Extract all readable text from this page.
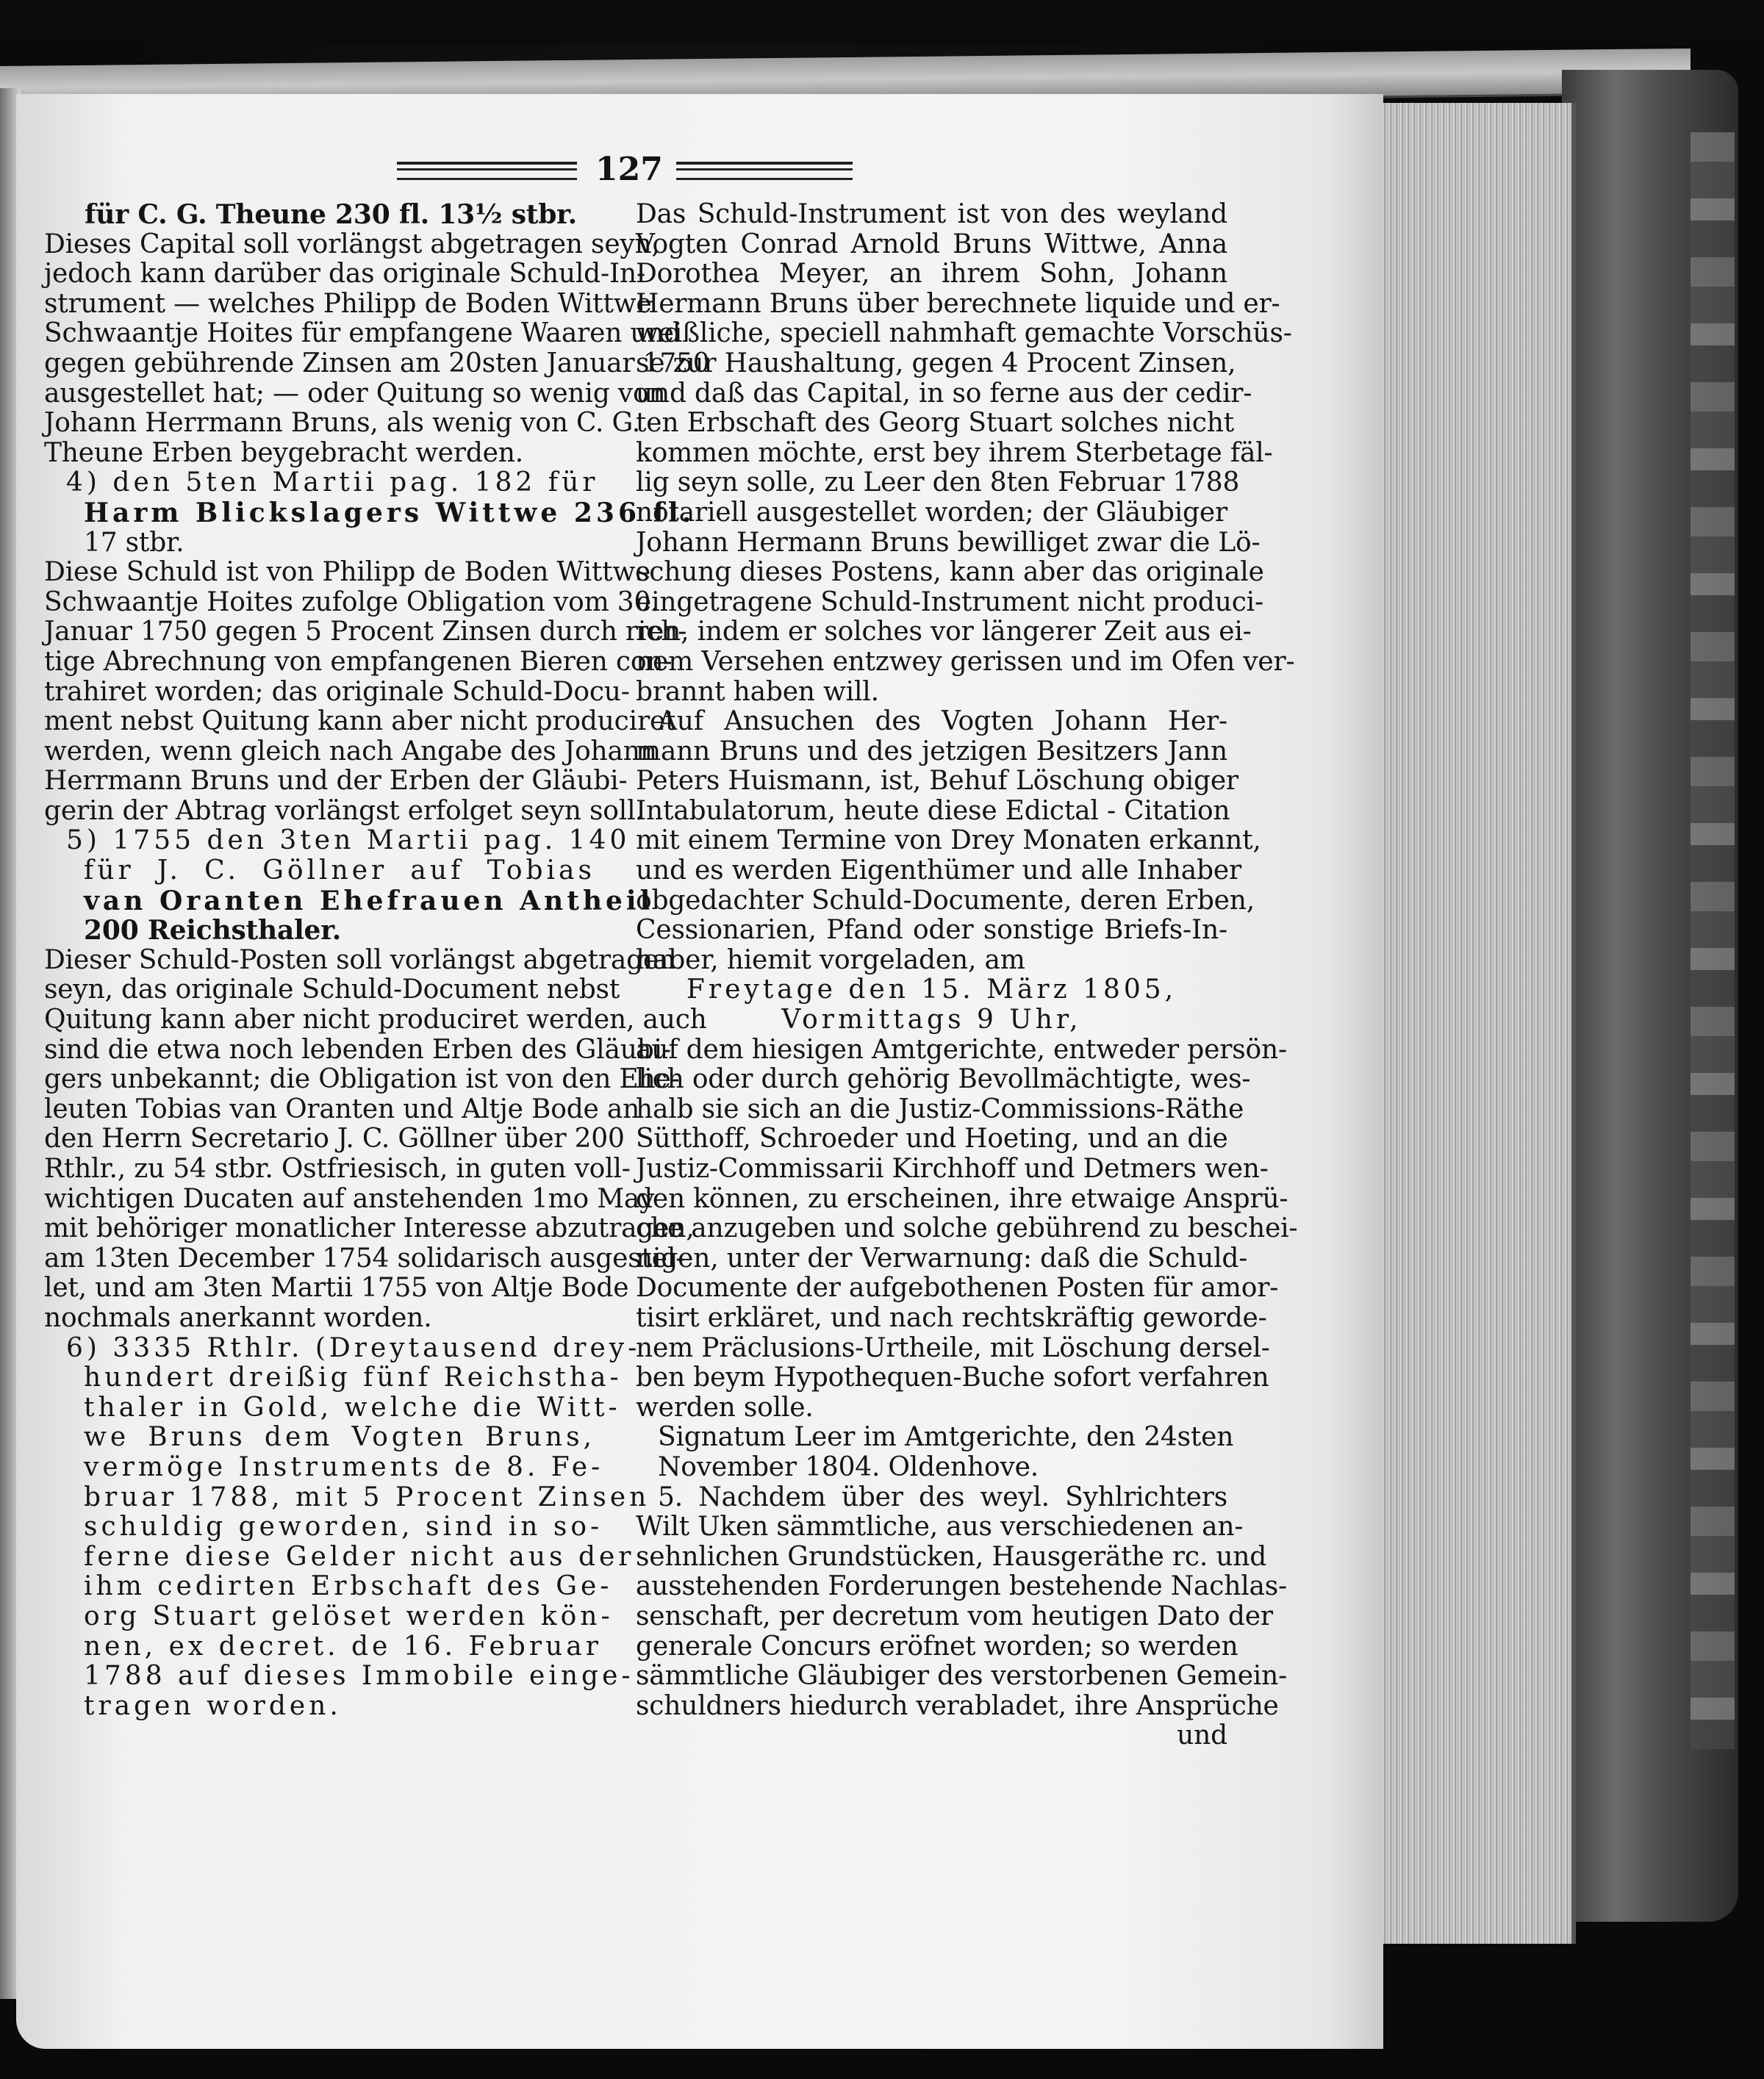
127
für C. G. Theune 230 fl. 13½ stbr.
Dieses Capital soll vorlängst abgetragen seyn,
jedoch kann darüber das originale Schuld-In-
strument — welches Philipp de Boden Wittwe
Schwaantje Hoites für empfangene Waaren und
gegen gebührende Zinsen am 20sten Januar 1750
ausgestellet hat; — oder Quitung so wenig von
Johann Herrmann Bruns, als wenig von C. G.
Theune Erben beygebracht werden.
4) den 5ten Martii pag. 182 für
Harm Blickslagers Wittwe 236 fl.
17 stbr.
Diese Schuld ist von Philipp de Boden Wittwe
Schwaantje Hoites zufolge Obligation vom 30.
Januar 1750 gegen 5 Procent Zinsen durch rich-
tige Abrechnung von empfangenen Bieren con-
trahiret worden; das originale Schuld-Docu-
ment nebst Quitung kann aber nicht produciret
werden, wenn gleich nach Angabe des Johann
Herrmann Bruns und der Erben der Gläubi-
gerin der Abtrag vorlängst erfolget seyn soll.
5) 1755 den 3ten Martii pag. 140
für J. C. Göllner auf Tobias
van Oranten Ehefrauen Antheil
200 Reichsthaler.
Dieser Schuld-Posten soll vorlängst abgetragen
seyn, das originale Schuld-Document nebst
Quitung kann aber nicht produciret werden, auch
sind die etwa noch lebenden Erben des Gläubi-
gers unbekannt; die Obligation ist von den Ehe-
leuten Tobias van Oranten und Altje Bode an
den Herrn Secretario J. C. Göllner über 200
Rthlr., zu 54 stbr. Ostfriesisch, in guten voll-
wichtigen Ducaten auf anstehenden 1mo May
mit behöriger monatlicher Interesse abzutragen,
am 13ten December 1754 solidarisch ausgestel-
let, und am 3ten Martii 1755 von Altje Bode
nochmals anerkannt worden.
6) 3335 Rthlr. (Dreytausend drey-
hundert dreißig fünf Reichstha-
thaler in Gold, welche die Witt-
we Bruns dem Vogten Bruns,
vermöge Instruments de 8. Fe-
bruar 1788, mit 5 Procent Zinsen
schuldig geworden, sind in so-
ferne diese Gelder nicht aus der
ihm cedirten Erbschaft des Ge-
org Stuart gelöset werden kön-
nen, ex decret. de 16. Februar
1788 auf dieses Immobile einge-
tragen worden.
Das Schuld-Instrument ist von des weyland
Vogten Conrad Arnold Bruns Wittwe, Anna
Dorothea Meyer, an ihrem Sohn, Johann
Hermann Bruns über berechnete liquide und er-
weißliche, speciell nahmhaft gemachte Vorschüs-
se zur Haushaltung, gegen 4 Procent Zinsen,
und daß das Capital, in so ferne aus der cedir-
ten Erbschaft des Georg Stuart solches nicht
kommen möchte, erst bey ihrem Sterbetage fäl-
lig seyn solle, zu Leer den 8ten Februar 1788
notariell ausgestellet worden; der Gläubiger
Johann Hermann Bruns bewilliget zwar die Lö-
schung dieses Postens, kann aber das originale
eingetragene Schuld-Instrument nicht produci-
ren, indem er solches vor längerer Zeit aus ei-
nem Versehen entzwey gerissen und im Ofen ver-
brannt haben will.
Auf Ansuchen des Vogten Johann Her-
mann Bruns und des jetzigen Besitzers Jann
Peters Huismann, ist, Behuf Löschung obiger
Intabulatorum, heute diese Edictal - Citation
mit einem Termine von Drey Monaten erkannt,
und es werden Eigenthümer und alle Inhaber
obgedachter Schuld-Documente, deren Erben,
Cessionarien, Pfand oder sonstige Briefs-In-
haber, hiemit vorgeladen, am
Freytage den 15. März 1805,
Vormittags 9 Uhr,
auf dem hiesigen Amtgerichte, entweder persön-
lich oder durch gehörig Bevollmächtigte, wes-
halb sie sich an die Justiz-Commissions-Räthe
Sütthoff, Schroeder und Hoeting, und an die
Justiz-Commissarii Kirchhoff und Detmers wen-
den können, zu erscheinen, ihre etwaige Ansprü-
che anzugeben und solche gebührend zu beschei-
nigen, unter der Verwarnung: daß die Schuld-
Documente der aufgebothenen Posten für amor-
tisirt erkläret, und nach rechtskräftig geworde-
nem Präclusions-Urtheile, mit Löschung dersel-
ben beym Hypothequen-Buche sofort verfahren
werden solle.
Signatum Leer im Amtgerichte, den 24sten
November 1804. Oldenhove.
5. Nachdem über des weyl. Syhlrichters
Wilt Uken sämmtliche, aus verschiedenen an-
sehnlichen Grundstücken, Hausgeräthe rc. und
ausstehenden Forderungen bestehende Nachlas-
senschaft, per decretum vom heutigen Dato der
generale Concurs eröfnet worden; so werden
sämmtliche Gläubiger des verstorbenen Gemein-
schuldners hiedurch verabladet, ihre Ansprüche
und
